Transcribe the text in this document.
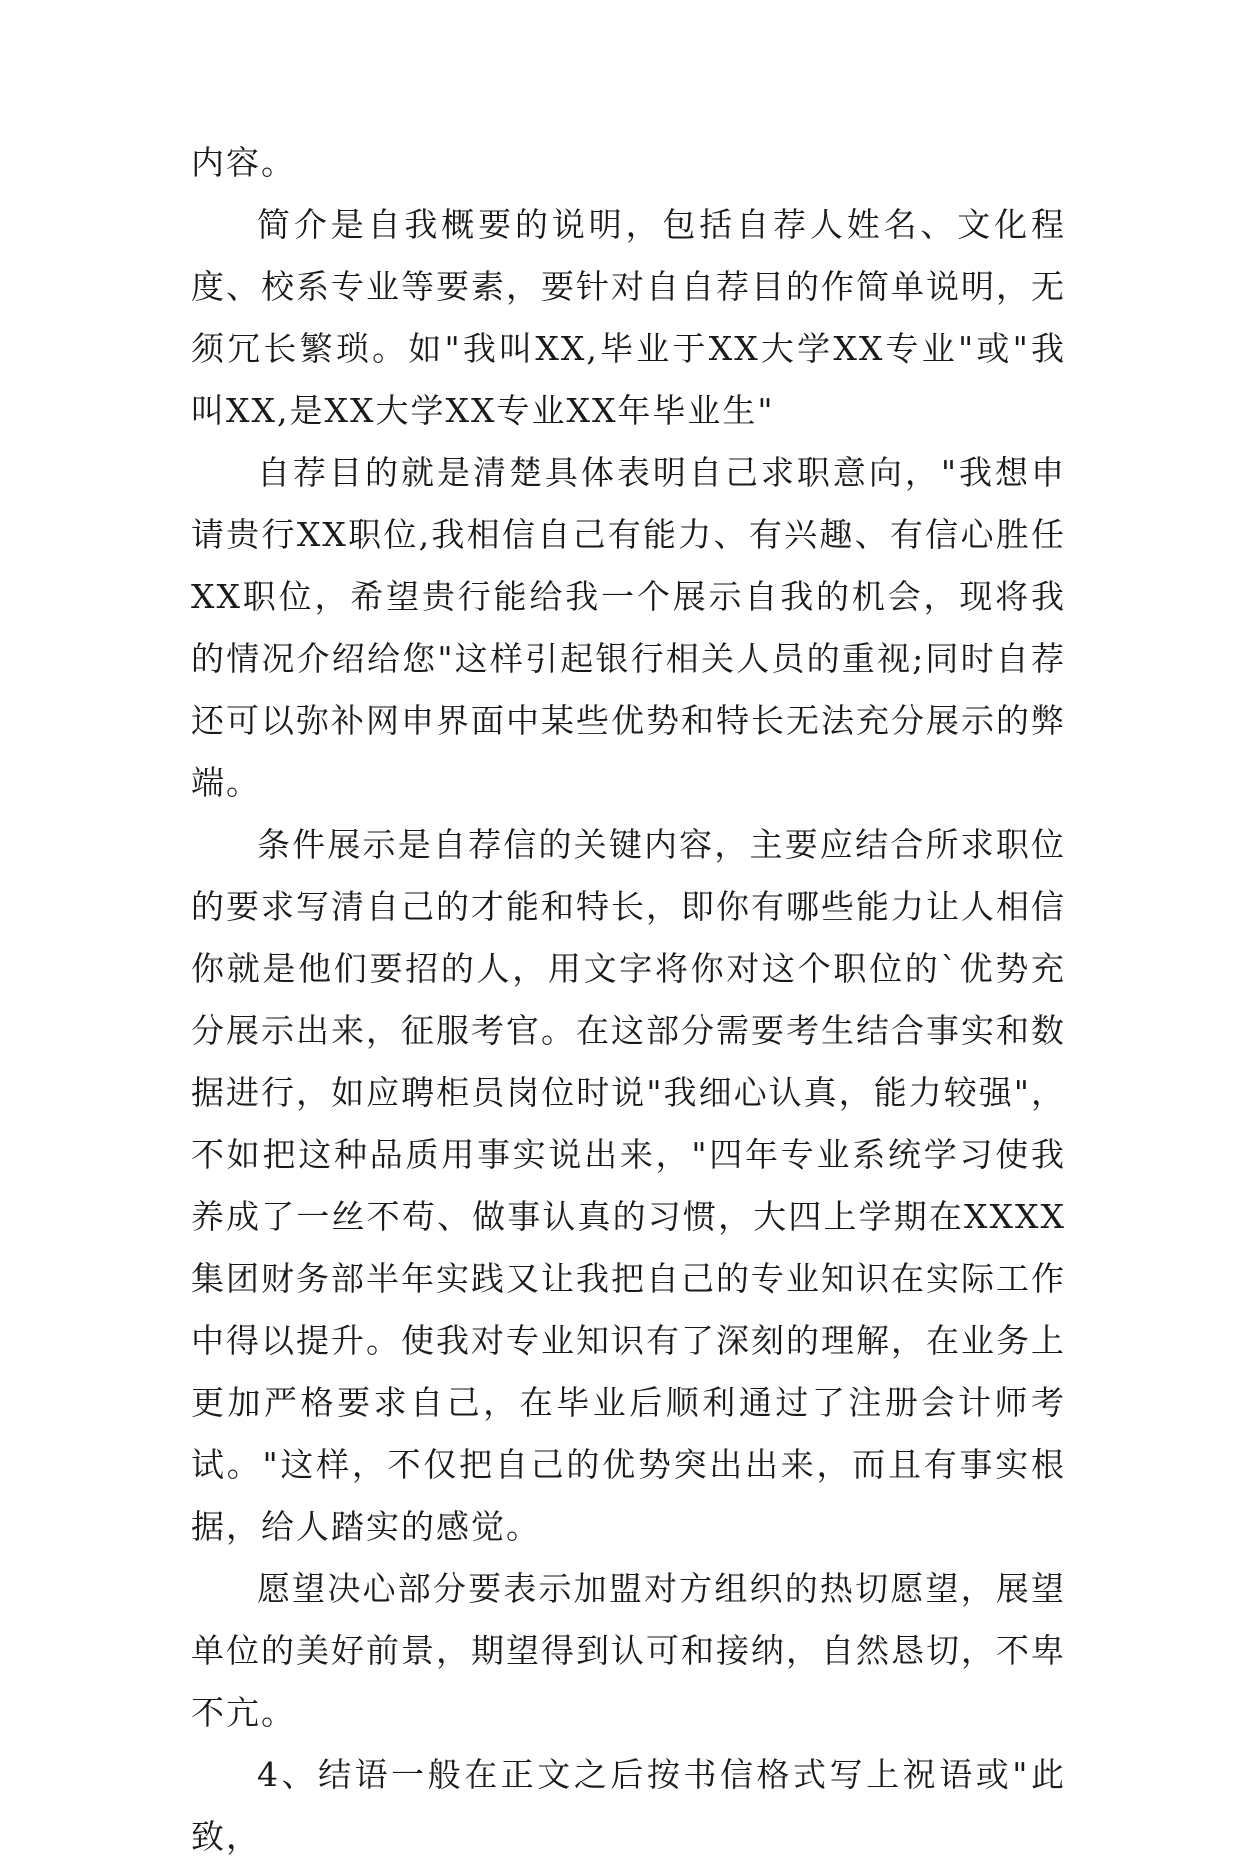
内容。

简介是自我概要的说明，包括自荐人姓名、文化程度、校系专业等要素，要针对自自荐目的作简单说明，无须冗长繁琐。如"我叫XX,毕业于XX大学XX专业"或"我叫XX,是XX大学XX专业XX年毕业生"

自荐目的就是清楚具体表明自己求职意向，"我想申请贵行XX职位,我相信自己有能力、有兴趣、有信心胜任XX职位，希望贵行能给我一个展示自我的机会，现将我的情况介绍给您"这样引起银行相关人员的重视;同时自荐还可以弥补网申界面中某些优势和特长无法充分展示的弊端。

条件展示是自荐信的关键内容，主要应结合所求职位的要求写清自己的才能和特长，即你有哪些能力让人相信你就是他们要招的人，用文字将你对这个职位的`优势充分展示出来，征服考官。在这部分需要考生结合事实和数据进行，如应聘柜员岗位时说"我细心认真，能力较强"，不如把这种品质用事实说出来，"四年专业系统学习使我养成了一丝不苟、做事认真的习惯，大四上学期在XXXX集团财务部半年实践又让我把自己的专业知识在实际工作中得以提升。使我对专业知识有了深刻的理解，在业务上更加严格要求自己，在毕业后顺利通过了注册会计师考试。"这样，不仅把自己的优势突出出来，而且有事实根据，给人踏实的感觉。

愿望决心部分要表示加盟对方组织的热切愿望，展望单位的美好前景，期望得到认可和接纳，自然恳切，不卑不亢。

4、结语一般在正文之后按书信格式写上祝语或"此致，
